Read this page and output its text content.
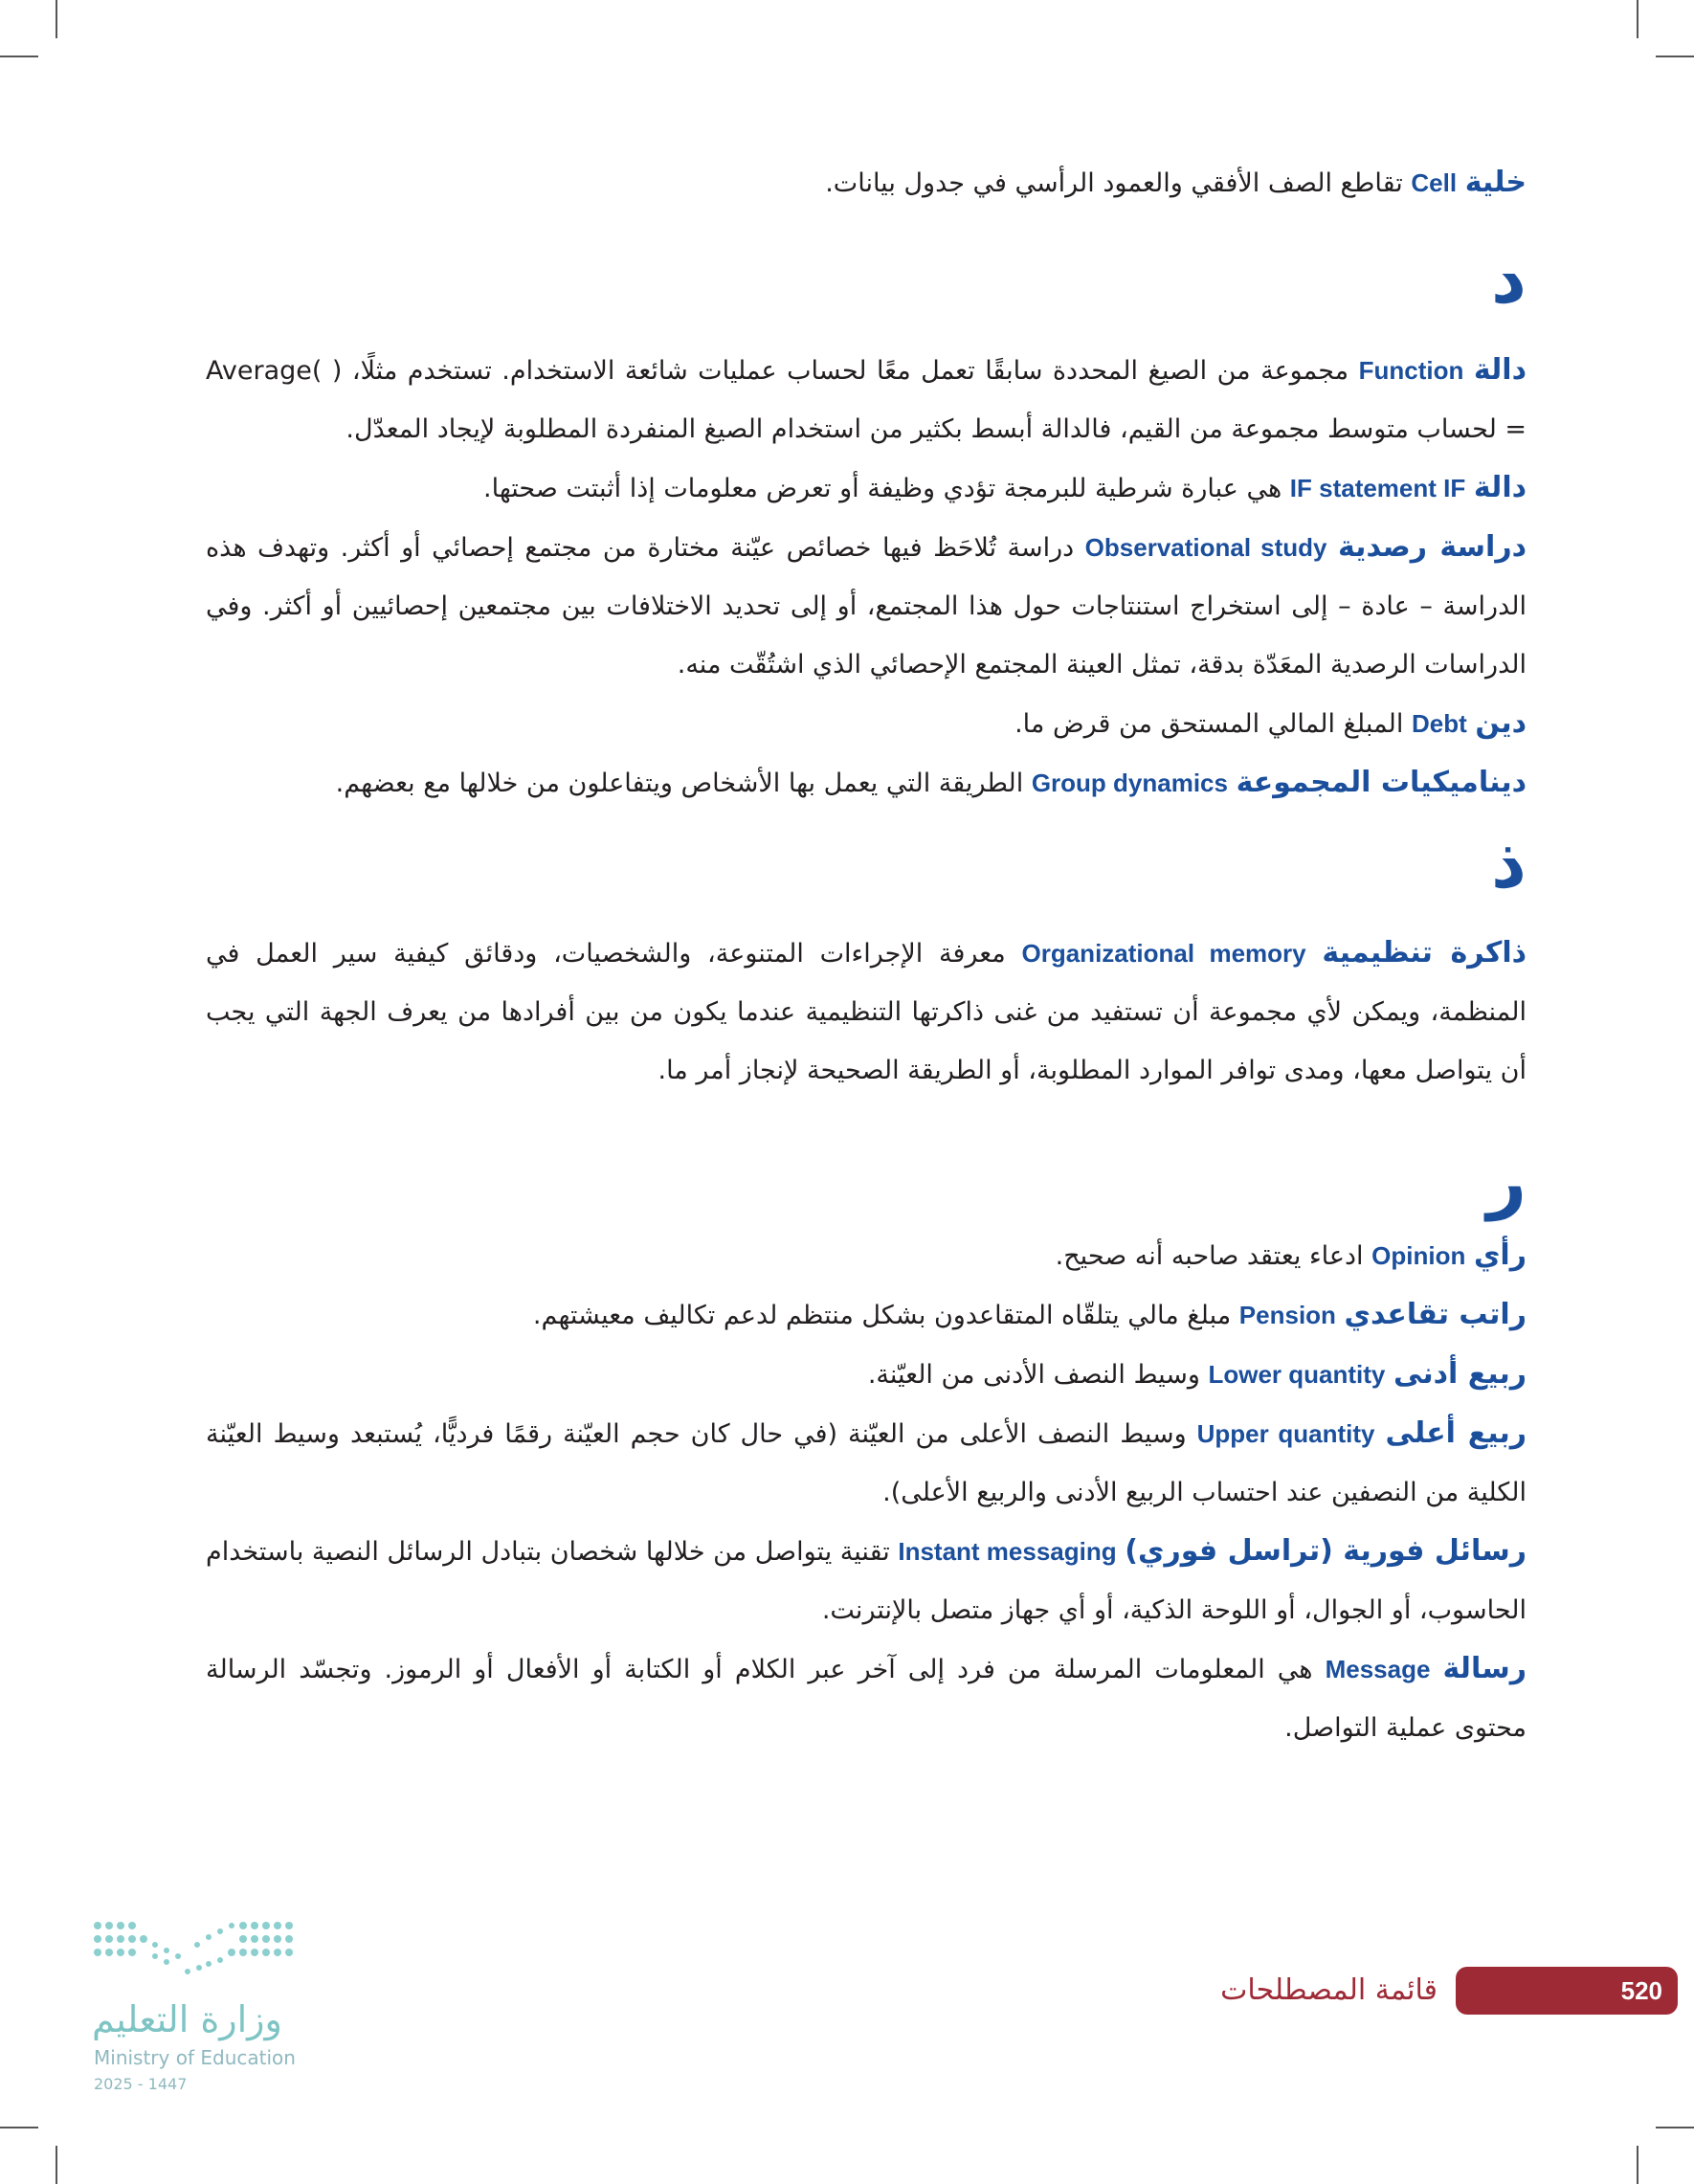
خلية Cell تقاطع الصف الأفقي والعمود الرأسي في جدول بيانات.

د

دالة Function مجموعة من الصيغ المحددة سابقًا تعمل معًا لحساب عمليات شائعة الاستخدام. تستخدم مثلًا، ( )Average = لحساب متوسط مجموعة من القيم، فالدالة أبسط بكثير من استخدام الصيغ المنفردة المطلوبة لإيجاد المعدّل.

دالة IF statement IF هي عبارة شرطية للبرمجة تؤدي وظيفة أو تعرض معلومات إذا أثبتت صحتها.

دراسة رصدية Observational study دراسة تُلاحَظ فيها خصائص عيّنة مختارة من مجتمع إحصائي أو أكثر. وتهدف هذه الدراسة – عادة – إلى استخراج استنتاجات حول هذا المجتمع، أو إلى تحديد الاختلافات بين مجتمعين إحصائيين أو أكثر. وفي الدراسات الرصدية المعَدّة بدقة، تمثل العينة المجتمع الإحصائي الذي اشتُقّت منه.

دين Debt المبلغ المالي المستحق من قرض ما.

ديناميكيات المجموعة Group dynamics الطريقة التي يعمل بها الأشخاص ويتفاعلون من خلالها مع بعضهم.

ذ

ذاكرة تنظيمية Organizational memory معرفة الإجراءات المتنوعة، والشخصيات، ودقائق كيفية سير العمل في المنظمة، ويمكن لأي مجموعة أن تستفيد من غنى ذاكرتها التنظيمية عندما يكون من بين أفرادها من يعرف الجهة التي يجب أن يتواصل معها، ومدى توافر الموارد المطلوبة، أو الطريقة الصحيحة لإنجاز أمر ما.

ر

رأي Opinion ادعاء يعتقد صاحبه أنه صحيح.

راتب تقاعدي Pension مبلغ مالي يتلقّاه المتقاعدون بشكل منتظم لدعم تكاليف معيشتهم.

ربيع أدنى Lower quantity وسيط النصف الأدنى من العيّنة.

ربيع أعلى Upper quantity وسيط النصف الأعلى من العيّنة (في حال كان حجم العيّنة رقمًا فرديًّا، يُستبعد وسيط العيّنة الكلية من النصفين عند احتساب الربيع الأدنى والربيع الأعلى).

رسائل فورية (تراسل فوري) Instant messaging تقنية يتواصل من خلالها شخصان بتبادل الرسائل النصية باستخدام الحاسوب، أو الجوال، أو اللوحة الذكية، أو أي جهاز متصل بالإنترنت.

رسالة Message هي المعلومات المرسلة من فرد إلى آخر عبر الكلام أو الكتابة أو الأفعال أو الرموز. وتجسّد الرسالة محتوى عملية التواصل.

وزارة التعليم
Ministry of Education
2025 - 1447
520
قائمة المصطلحات
